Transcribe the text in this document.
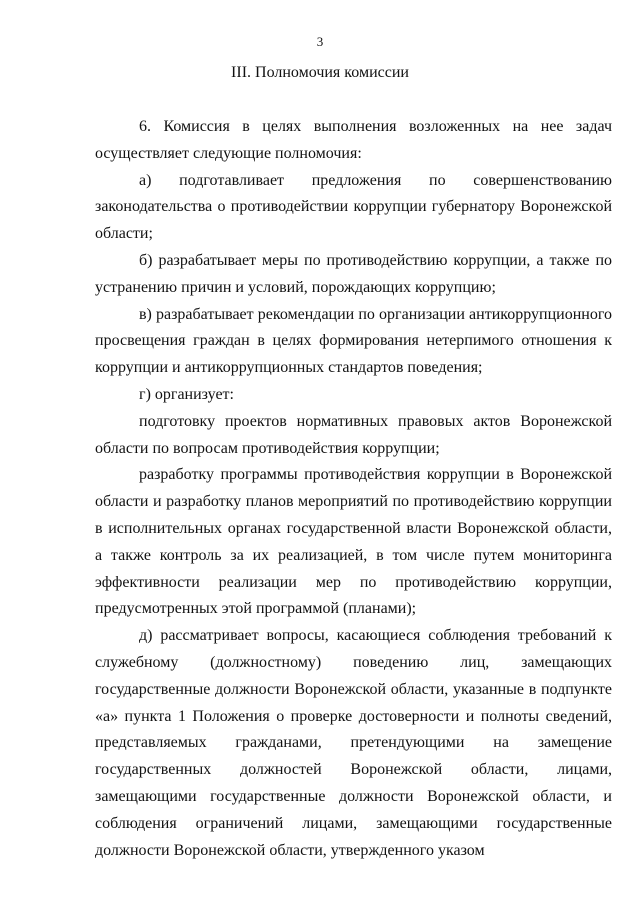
3
III. Полномочия комиссии

6. Комиссия в целях выполнения возложенных на нее задач осуществляет следующие полномочия:

а) подготавливает предложения по совершенствованию законодательства о противодействии коррупции губернатору Воронежской области;

б) разрабатывает меры по противодействию коррупции, а также по устранению причин и условий, порождающих коррупцию;

в) разрабатывает рекомендации по организации антикоррупционного просвещения граждан в целях формирования нетерпимого отношения к коррупции и антикоррупционных стандартов поведения;

г) организует:

подготовку проектов нормативных правовых актов Воронежской области по вопросам противодействия коррупции;

разработку программы противодействия коррупции в Воронежской области и разработку планов мероприятий по противодействию коррупции в исполнительных органах государственной власти Воронежской области, а также контроль за их реализацией, в том числе путем мониторинга эффективности реализации мер по противодействию коррупции, предусмотренных этой программой (планами);

д) рассматривает вопросы, касающиеся соблюдения требований к служебному (должностному) поведению лиц, замещающих государственные должности Воронежской области, указанные в подпункте «а» пункта 1 Положения о проверке достоверности и полноты сведений, представляемых гражданами, претендующими на замещение государственных должностей Воронежской области, лицами, замещающими государственные должности Воронежской области, и соблюдения ограничений лицами, замещающими государственные должности Воронежской области, утвержденного указом
